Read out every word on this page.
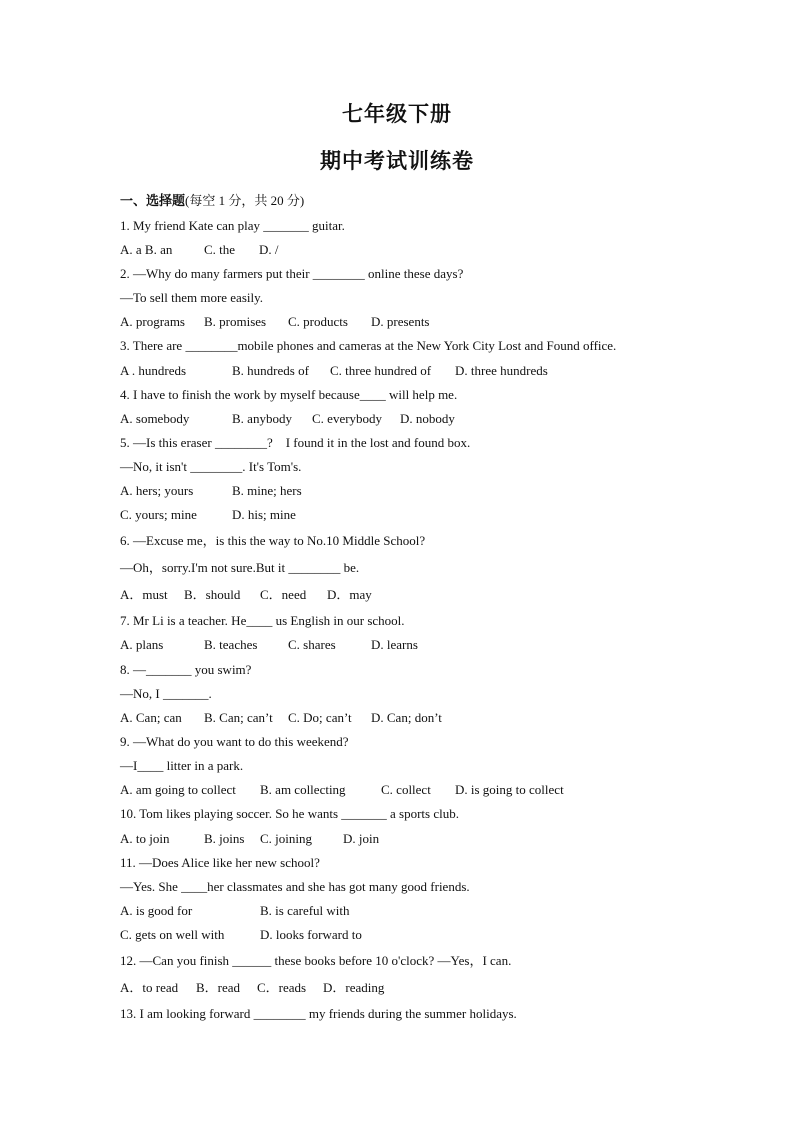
七年级下册
期中考试训练卷
一、选择题(每空 1 分，共 20 分)
1. My friend Kate can play _______ guitar.
A. a B. an C. the D. /
2. —Why do many farmers put their ________ online these days?
—To sell them more easily.
A. programs B. promises C. products D. presents
3. There are ________mobile phones and cameras at the New York City Lost and Found office.
A . hundreds	B. hundreds of C. three hundred of D. three hundreds
4. I have to finish the work by myself because____ will help me.
A. somebody	B. anybody C. everybody D. nobody
5. —Is this eraser ________?    I found it in the lost and found box.
—No, it isn't ________. It's Tom's.
A. hers; yours	B. mine; hers
C. yours; mine	D. his; mine
6. —Excuse me，is this the way to No.10 Middle School?
—Oh，sorry.I'm not sure.But it ________ be.
A．must B．should C．need D．may
7. Mr Li is a teacher. He____ us English in our school.
A. plans	B. teaches C. shares	D. learns
8. —_______ you swim?
—No, I _______.
A. Can; can B. Can; can’t C. Do; can’t D. Can; don’t
9. —What do you want to do this weekend?
—I____ litter in a park.
A. am going to collect B. am collecting	C. collect D. is going to collect
10. Tom likes playing soccer. So he wants _______ a sports club.
A. to join	B. joins C. joining D. join
11. —Does Alice like her new school?
—Yes. She ____her classmates and she has got many good friends.
A. is good for	B. is careful with
C. gets on well with	D. looks forward to
12. —Can you finish ______ these books before 10 o'clock? —Yes，I can.
A．to read B．read C．reads D．reading
13. I am looking forward ________ my friends during the summer holidays.
